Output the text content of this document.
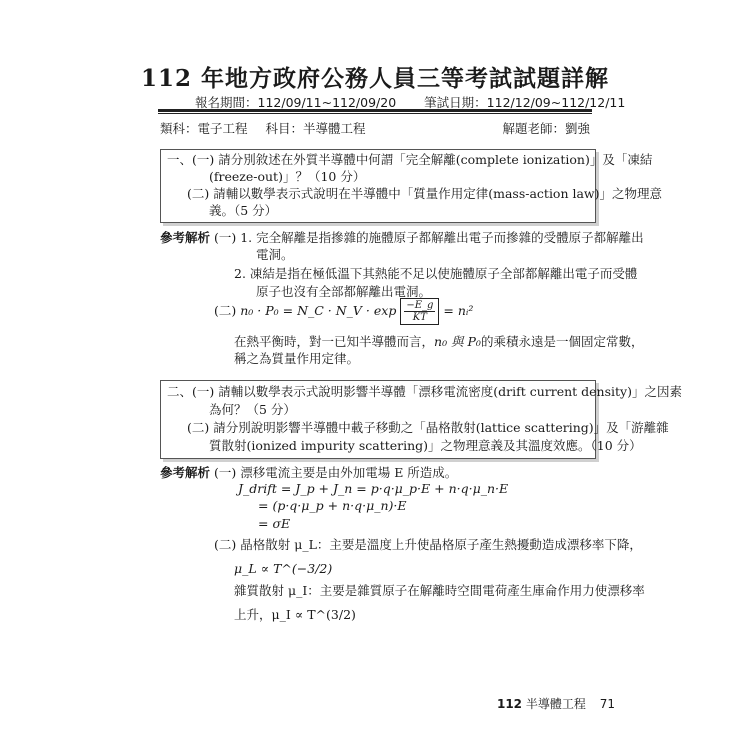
112 年地方政府公務人員三等考試試題詳解
報名期間：112/09/11~112/09/20 筆試日期：112/12/09~112/12/11
類科：電子工程 科目：半導體工程	解題老師：劉強
一、(一) 請分別敘述在外質半導體中何謂「完全解離(complete ionization)」及「凍結
(freeze-out)」？（10 分）
(二) 請輔以數學表示式說明在半導體中「質量作用定律(mass-action law)」之物理意
義。（5 分）
參考解析 (一) 1. 完全解離是指摻雜的施體原子都解離出電子而摻雜的受體原子都解離出
電洞。
2. 凍結是指在極低溫下其熱能不足以使施體原子全部都解離出電子而受體
原子也沒有全部都解離出電洞。
(二) n₀ · P₀ = N_C · N_V · $\exp \frac{-E\_g}{KT}$ = nᵢ²
在熱平衡時，對一已知半導體而言，n₀ 與 P₀的乘積永遠是一個固定常數，
稱之為質量作用定律。
二、(一) 請輔以數學表示式說明影響半導體「漂移電流密度(drift current density)」之因素
為何？（5 分）
(二) 請分別說明影響半導體中載子移動之「晶格散射(lattice scattering)」及「游離雜
質散射(ionized impurity scattering)」之物理意義及其溫度效應。（10 分）
參考解析 (一) 漂移電流主要是由外加電場 E 所造成。
J_drift = J_p + J_n = p·q·μ_p·E + n·q·μ_n·E
= (p·q·μ_p + n·q·μ_n)·E
= σE
(二) 晶格散射 μ_L：主要是溫度上升使晶格原子產生熱擾動造成漂移率下降，
μ_L ∝ T^(−3/2)
雜質散射 μ_I：主要是雜質原子在解離時空間電荷產生庫侖作用力使漂移率
上升，μ_I ∝ T^(3/2)
112 半導體工程 71
